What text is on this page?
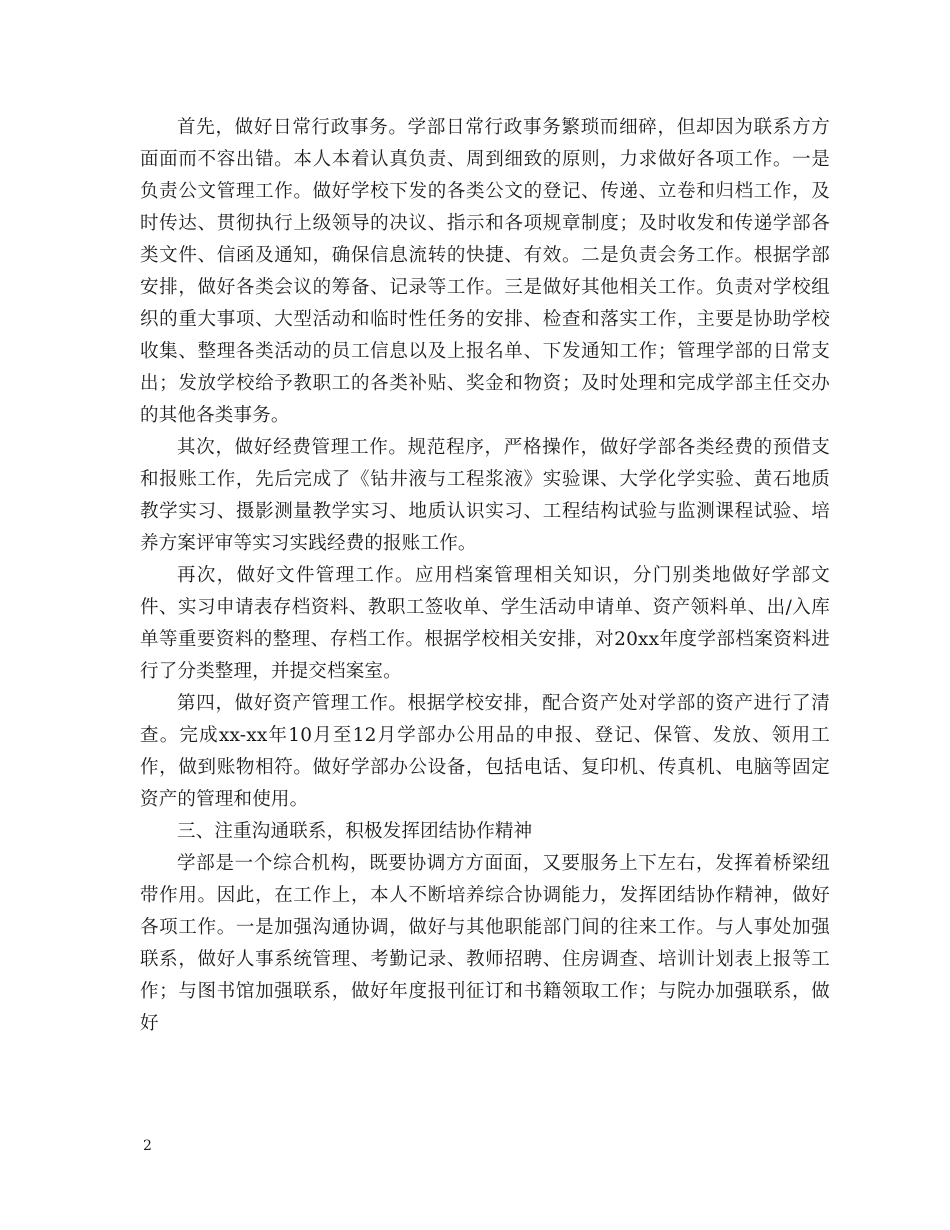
首先，做好日常行政事务。学部日常行政事务繁琐而细碎，但却因为联系方方面面而不容出错。本人本着认真负责、周到细致的原则，力求做好各项工作。一是负责公文管理工作。做好学校下发的各类公文的登记、传递、立卷和归档工作，及时传达、贯彻执行上级领导的决议、指示和各项规章制度；及时收发和传递学部各类文件、信函及通知，确保信息流转的快捷、有效。二是负责会务工作。根据学部安排，做好各类会议的筹备、记录等工作。三是做好其他相关工作。负责对学校组织的重大事项、大型活动和临时性任务的安排、检查和落实工作，主要是协助学校收集、整理各类活动的员工信息以及上报名单、下发通知工作；管理学部的日常支出；发放学校给予教职工的各类补贴、奖金和物资；及时处理和完成学部主任交办的其他各类事务。

其次，做好经费管理工作。规范程序，严格操作，做好学部各类经费的预借支和报账工作，先后完成了《钻井液与工程浆液》实验课、大学化学实验、黄石地质教学实习、摄影测量教学实习、地质认识实习、工程结构试验与监测课程试验、培养方案评审等实习实践经费的报账工作。

再次，做好文件管理工作。应用档案管理相关知识，分门别类地做好学部文件、实习申请表存档资料、教职工签收单、学生活动申请单、资产领料单、出/入库单等重要资料的整理、存档工作。根据学校相关安排，对20xx年度学部档案资料进行了分类整理，并提交档案室。

第四，做好资产管理工作。根据学校安排，配合资产处对学部的资产进行了清查。完成xx-xx年10月至12月学部办公用品的申报、登记、保管、发放、领用工作，做到账物相符。做好学部办公设备，包括电话、复印机、传真机、电脑等固定资产的管理和使用。

三、注重沟通联系，积极发挥团结协作精神

学部是一个综合机构，既要协调方方面面，又要服务上下左右，发挥着桥梁纽带作用。因此，在工作上，本人不断培养综合协调能力，发挥团结协作精神，做好各项工作。一是加强沟通协调，做好与其他职能部门间的往来工作。与人事处加强联系，做好人事系统管理、考勤记录、教师招聘、住房调查、培训计划表上报等工作；与图书馆加强联系，做好年度报刊征订和书籍领取工作；与院办加强联系，做好

2
